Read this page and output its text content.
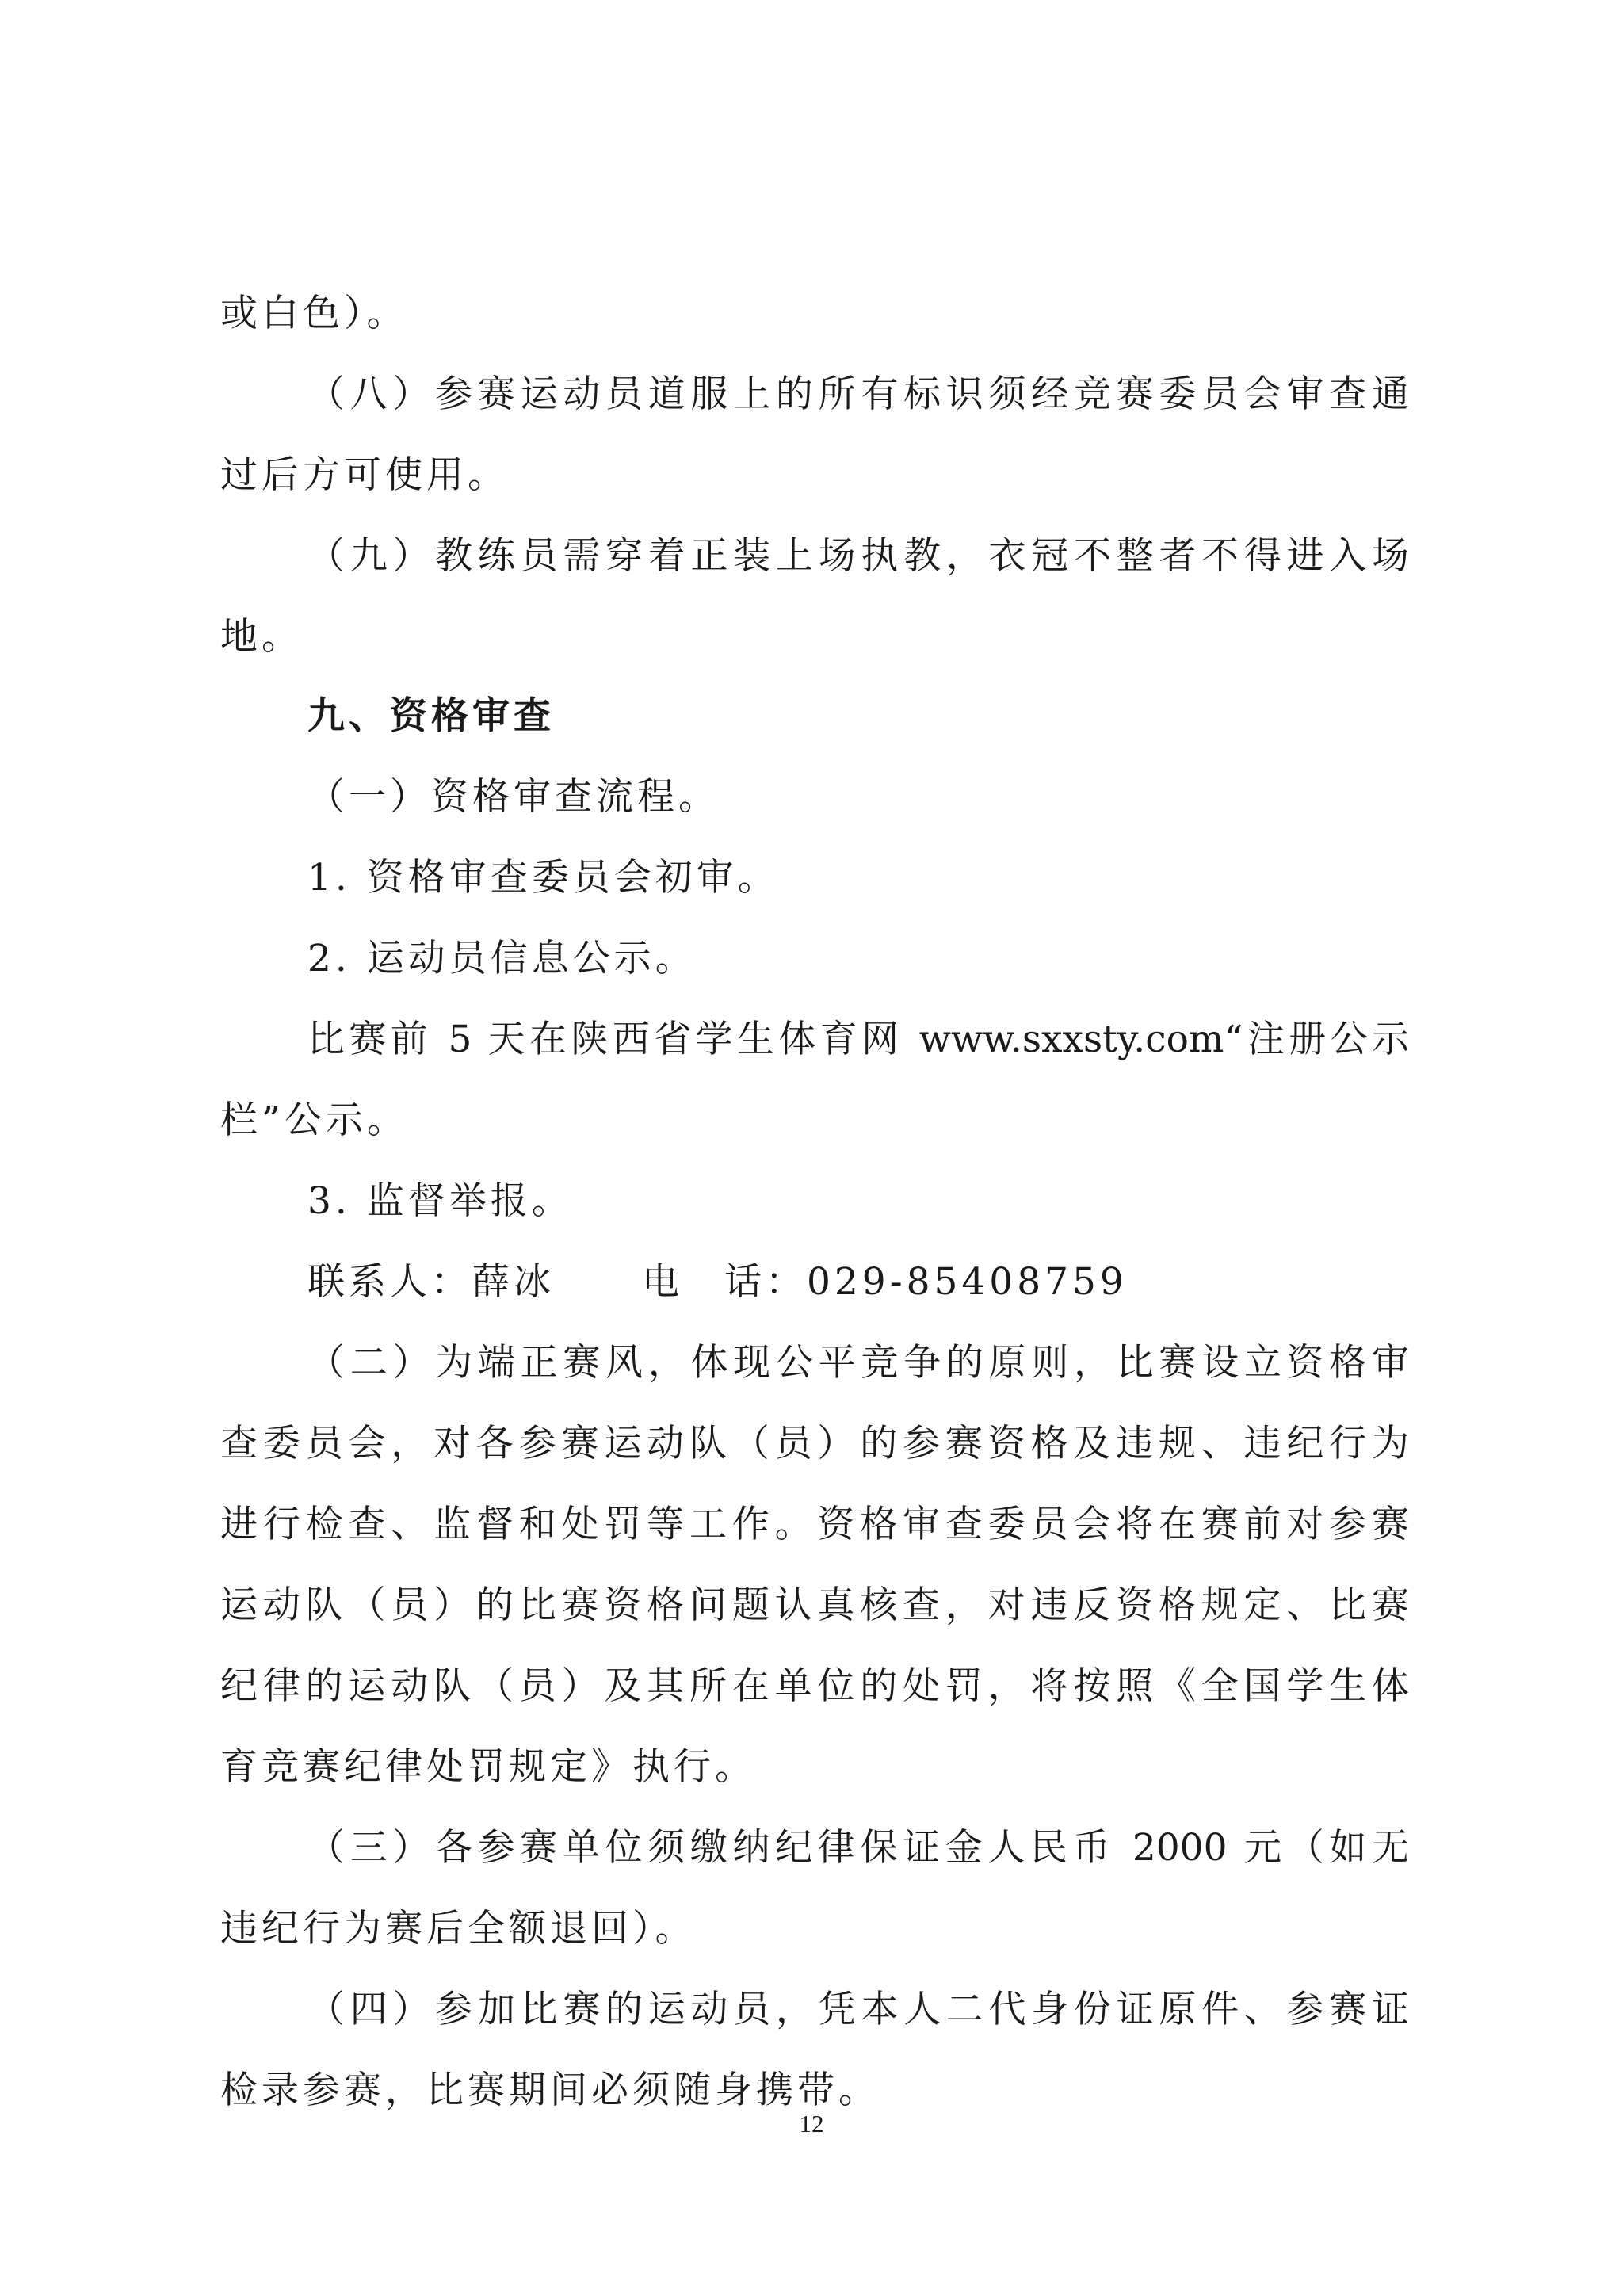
或白色）。
（八）参赛运动员道服上的所有标识须经竞赛委员会审查通
过后方可使用。
（九）教练员需穿着正装上场执教，衣冠不整者不得进入场
地。
九、资格审查
（一）资格审查流程。
1. 资格审查委员会初审。
2. 运动员信息公示。
比赛前 5 天在陕西省学生体育网 www.sxxsty.com“注册公示
栏”公示。
3. 监督举报。
联系人：薛冰 电　话：029-85408759
（二）为端正赛风，体现公平竞争的原则，比赛设立资格审
查委员会，对各参赛运动队（员）的参赛资格及违规、违纪行为
进行检查、监督和处罚等工作。资格审查委员会将在赛前对参赛
运动队（员）的比赛资格问题认真核查，对违反资格规定、比赛
纪律的运动队（员）及其所在单位的处罚，将按照《全国学生体
育竞赛纪律处罚规定》执行。
（三）各参赛单位须缴纳纪律保证金人民币 2000 元（如无
违纪行为赛后全额退回）。
（四）参加比赛的运动员，凭本人二代身份证原件、参赛证
检录参赛，比赛期间必须随身携带。
12
